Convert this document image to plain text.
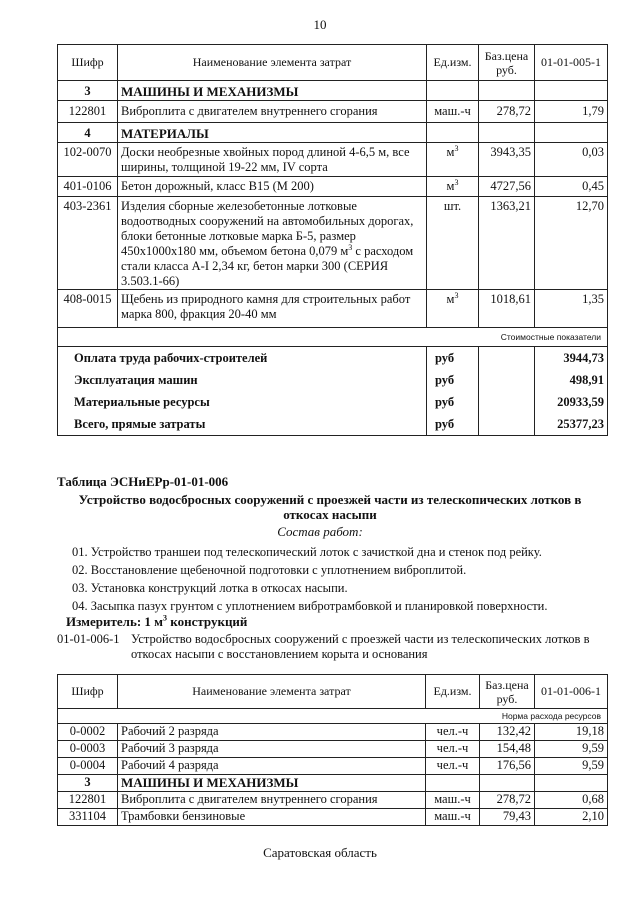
10
Шифр	Наименование элемента затрат	Ед.изм.	Баз.цена руб.	01-01-005-1
3	МАШИНЫ И МЕХАНИЗМЫ			
122801	Виброплита с двигателем внутреннего сгорания	маш.-ч	278,72	1,79
4	МАТЕРИАЛЫ			
102-0070	Доски необрезные хвойных пород длиной 4-6,5 м, все ширины, толщиной 19-22 мм, IV сорта	$м^3$	3943,35	0,03
401-0106	Бетон дорожный, класс В15 (М 200)	$м^3$	4727,56	0,45
403-2361	Изделия сборные железобетонные лотковые водоотводных сооружений на автомобильных дорогах, блоки бетонные лотковые марка Б-5, размер 450х1000х180 мм, объемом бетона 0,079 $м^3$ с расходом стали класса А-I 2,34 кг, бетон марки 300 (СЕРИЯ 3.503.1-66)	шт.	1363,21	12,70
408-0015	Щебень из природного камня для строительных работ марка 800, фракция 20-40 мм	$м^3$	1018,61	1,35
Стоимостные показатели				
Оплата труда рабочих-строителей		руб		3944,73
Эксплуатация машин		руб		498,91
Материальные ресурсы		руб		20933,59
Всего, прямые затраты		руб		25377,23
Таблица ЭСНиЕРр-01-01-006
Устройство водосбросных сооружений с проезжей части из телескопических лотков в откосах насыпи
Состав работ:
01. Устройство траншеи под телескопический лоток с зачисткой дна и стенок под рейку.
02. Восстановление щебеночной подготовки с уплотнением виброплитой.
03. Установка конструкций лотка в откосах насыпи.
04. Засыпка пазух грунтом с уплотнением вибротрамбовкой и планировкой поверхности.
Измеритель: 1 $м^3$ конструкций
01-01-006-1 Устройство водосбросных сооружений с проезжей части из телескопических лотков в откосах насыпи с восстановлением корыта и основания
Шифр	Наименование элемента затрат	Ед.изм.	Баз.цена руб.	01-01-006-1
Норма расхода ресурсов				
0-0002	Рабочий 2 разряда	чел.-ч	132,42	19,18
0-0003	Рабочий 3 разряда	чел.-ч	154,48	9,59
0-0004	Рабочий 4 разряда	чел.-ч	176,56	9,59
3	МАШИНЫ И МЕХАНИЗМЫ			
122801	Виброплита с двигателем внутреннего сгорания	маш.-ч	278,72	0,68
331104	Трамбовки бензиновые	маш.-ч	79,43	2,10
Саратовская область
